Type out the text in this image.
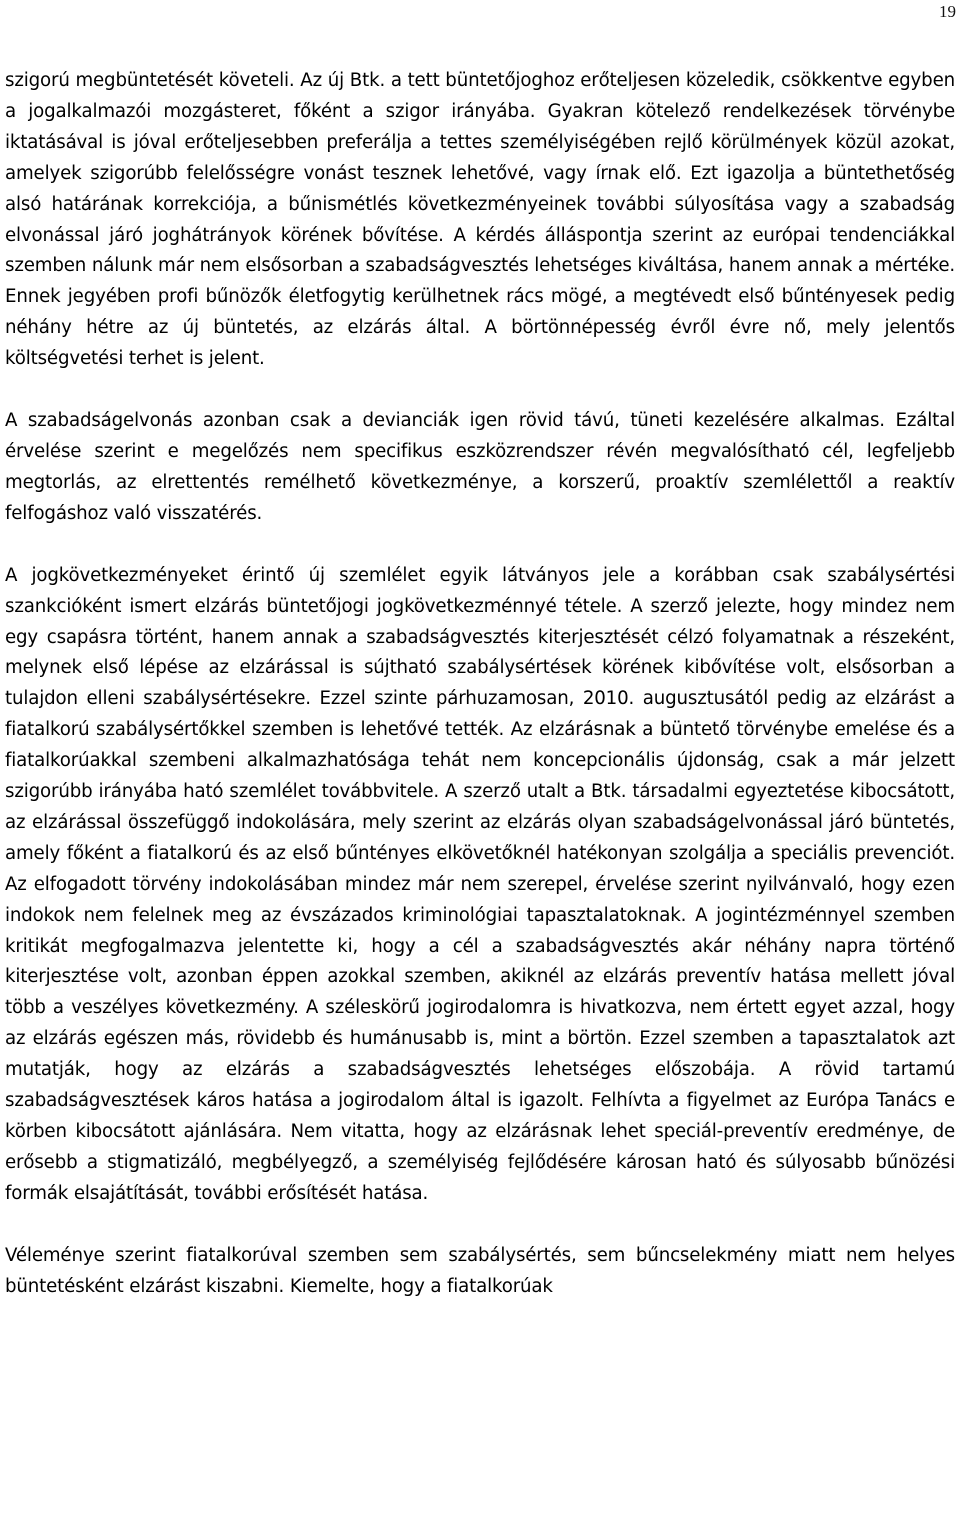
19

szigorú megbüntetését követeli. Az új Btk. a tett büntetőjoghoz erőteljesen közeledik, csökkentve egyben a jogalkalmazói mozgásteret, főként a szigor irányába. Gyakran kötelező rendelkezések törvénybe iktatásával is jóval erőteljesebben preferálja a tettes személyiségében rejlő körülmények közül azokat, amelyek szigorúbb felelősségre vonást tesznek lehetővé, vagy írnak elő. Ezt igazolja a büntethetőség alsó határának korrekciója, a bűnismétlés következményeinek további súlyosítása vagy a szabadság elvonással járó joghátrányok körének bővítése. A kérdés álláspontja szerint az európai tendenciákkal szemben nálunk már nem elsősorban a szabadságvesztés lehetséges kiváltása, hanem annak a mértéke. Ennek jegyében profi bűnözők életfogytig kerülhetnek rács mögé, a megtévedt első bűntényesek pedig néhány hétre az új büntetés, az elzárás által. A börtönnépesség évről évre nő, mely jelentős költségvetési terhet is jelent.

A szabadságelvonás azonban csak a devianciák igen rövid távú, tüneti kezelésére alkalmas. Ezáltal érvelése szerint e megelőzés nem specifikus eszközrendszer révén megvalósítható cél, legfeljebb megtorlás, az elrettentés remélhető következménye, a korszerű, proaktív szemlélettől a reaktív felfogáshoz való visszatérés.

A jogkövetkezményeket érintő új szemlélet egyik látványos jele a korábban csak szabálysértési szankcióként ismert elzárás büntetőjogi jogkövetkezménnyé tétele. A szerző jelezte, hogy mindez nem egy csapásra történt, hanem annak a szabadságvesztés kiterjesztését célzó folyamatnak a részeként, melynek első lépése az elzárással is sújtható szabálysértések körének kibővítése volt, elsősorban a tulajdon elleni szabálysértésekre. Ezzel szinte párhuzamosan, 2010. augusztusától pedig az elzárást a fiatalkorú szabálysértőkkel szemben is lehetővé tették. Az elzárásnak a büntető törvénybe emelése és a fiatalkorúakkal szembeni alkalmazhatósága tehát nem koncepcionális újdonság, csak a már jelzett szigorúbb irányába ható szemlélet továbbvitele. A szerző utalt a Btk. társadalmi egyeztetése kibocsátott, az elzárással összefüggő indokolására, mely szerint az elzárás olyan szabadságelvonással járó büntetés, amely főként a fiatalkorú és az első bűntényes elkövetőknél hatékonyan szolgálja a speciális prevenciót. Az elfogadott törvény indokolásában mindez már nem szerepel, érvelése szerint nyilvánvaló, hogy ezen indokok nem felelnek meg az évszázados kriminológiai tapasztalatoknak. A jogintézménnyel szemben kritikát megfogalmazva jelentette ki, hogy a cél a szabadságvesztés akár néhány napra történő kiterjesztése volt, azonban éppen azokkal szemben, akiknél az elzárás preventív hatása mellett jóval több a veszélyes következmény. A széleskörű jogirodalomra is hivatkozva, nem értett egyet azzal, hogy az elzárás egészen más, rövidebb és humánusabb is, mint a börtön. Ezzel szemben a tapasztalatok azt mutatják, hogy az elzárás a szabadságvesztés lehetséges előszobája. A rövid tartamú szabadságvesztések káros hatása a jogirodalom által is igazolt. Felhívta a figyelmet az Európa Tanács e körben kibocsátott ajánlására. Nem vitatta, hogy az elzárásnak lehet speciál-preventív eredménye, de erősebb a stigmatizáló, megbélyegző, a személyiség fejlődésére károsan ható és súlyosabb bűnözési formák elsajátítását, további erősítését hatása.

Véleménye szerint fiatalkorúval szemben sem szabálysértés, sem bűncselekmény miatt nem helyes büntetésként elzárást kiszabni. Kiemelte, hogy a fiatalkorúak
